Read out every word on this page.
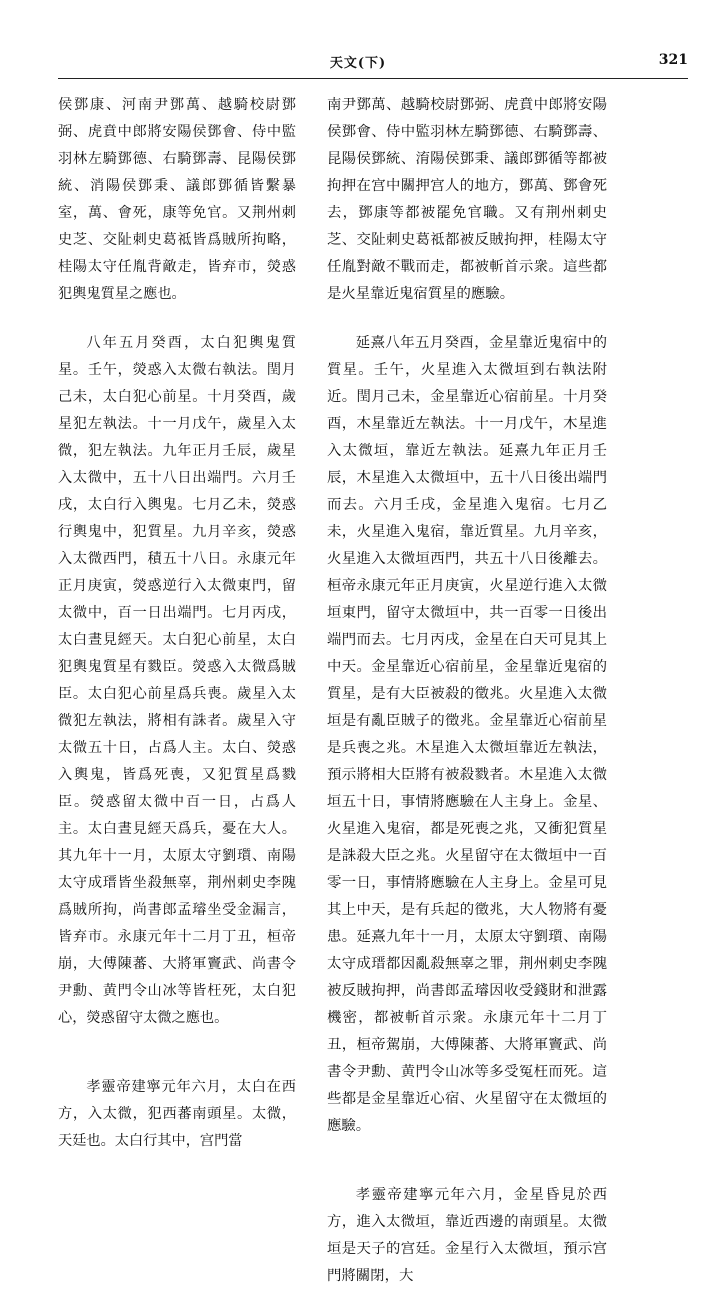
天文(下)	321

侯鄧康、河南尹鄧萬、越騎校尉鄧弼、虎賁中郎將安陽侯鄧會、侍中監羽林左騎鄧德、右騎鄧壽、昆陽侯鄧統、消陽侯鄧秉、議郎鄧循皆繫暴室，萬、會死，康等免官。又荆州刺史芝、交阯刺史葛祗皆爲賊所拘略，桂陽太守任胤背敵走，皆弃市，熒惑犯輿鬼質星之應也。

八年五月癸酉，太白犯輿鬼質星。壬午，熒惑入太微右執法。閏月己未，太白犯心前星。十月癸酉，歲星犯左執法。十一月戊午，歲星入太微，犯左執法。九年正月壬辰，歲星入太微中，五十八日出端門。六月壬戌，太白行入輿鬼。七月乙未，熒惑行輿鬼中，犯質星。九月辛亥，熒惑入太微西門，積五十八日。永康元年正月庚寅，熒惑逆行入太微東門，留太微中，百一日出端門。七月丙戌，太白晝見經天。太白犯心前星，太白犯輿鬼質星有戮臣。熒惑入太微爲賊臣。太白犯心前星爲兵喪。歲星入太微犯左執法，將相有誅者。歲星入守太微五十日，占爲人主。太白、熒惑入輿鬼，皆爲死喪，又犯質星爲戮臣。熒惑留太微中百一日，占爲人主。太白晝見經天爲兵，憂在大人。其九年十一月，太原太守劉瓆、南陽太守成瑨皆坐殺無辜，荆州刺史李隗爲賊所拘，尚書郎孟璿坐受金漏言，皆弃市。永康元年十二月丁丑，桓帝崩，大傅陳蕃、大將軍竇武、尚書令尹勳、黄門令山冰等皆枉死，太白犯心，熒惑留守太微之應也。

孝靈帝建寧元年六月，太白在西方，入太微，犯西蕃南頭星。太微，天廷也。太白行其中，宫門當

南尹鄧萬、越騎校尉鄧弼、虎賁中郎將安陽侯鄧會、侍中監羽林左騎鄧德、右騎鄧壽、昆陽侯鄧統、淯陽侯鄧秉、議郎鄧循等都被拘押在宫中關押宫人的地方，鄧萬、鄧會死去，鄧康等都被罷免官職。又有荆州刺史芝、交阯刺史葛祗都被反賊拘押，桂陽太守任胤對敵不戰而走，都被斬首示衆。這些都是火星靠近鬼宿質星的應驗。

延熹八年五月癸酉，金星靠近鬼宿中的質星。壬午，火星進入太微垣到右執法附近。閏月己未，金星靠近心宿前星。十月癸酉，木星靠近左執法。十一月戊午，木星進入太微垣，靠近左執法。延熹九年正月壬辰，木星進入太微垣中，五十八日後出端門而去。六月壬戌，金星進入鬼宿。七月乙未，火星進入鬼宿，靠近質星。九月辛亥，火星進入太微垣西門，共五十八日後離去。桓帝永康元年正月庚寅，火星逆行進入太微垣東門，留守太微垣中，共一百零一日後出端門而去。七月丙戌，金星在白天可見其上中天。金星靠近心宿前星，金星靠近鬼宿的質星，是有大臣被殺的徵兆。火星進入太微垣是有亂臣賊子的徵兆。金星靠近心宿前星是兵喪之兆。木星進入太微垣靠近左執法，預示將相大臣將有被殺戮者。木星進入太微垣五十日，事情將應驗在人主身上。金星、火星進入鬼宿，都是死喪之兆，又衝犯質星是誅殺大臣之兆。火星留守在太微垣中一百零一日，事情將應驗在人主身上。金星可見其上中天，是有兵起的徵兆，大人物將有憂患。延熹九年十一月，太原太守劉瓆、南陽太守成瑨都因亂殺無辜之罪，荆州刺史李隗被反賊拘押，尚書郎孟璿因收受錢財和泄露機密，都被斬首示衆。永康元年十二月丁丑，桓帝駕崩，大傅陳蕃、大將軍竇武、尚書令尹勳、黄門令山冰等多受冤枉而死。這些都是金星靠近心宿、火星留守在太微垣的應驗。

孝靈帝建寧元年六月，金星昏見於西方，進入太微垣，靠近西邊的南頭星。太微垣是天子的宫廷。金星行入太微垣，預示宫門將關閉，大
